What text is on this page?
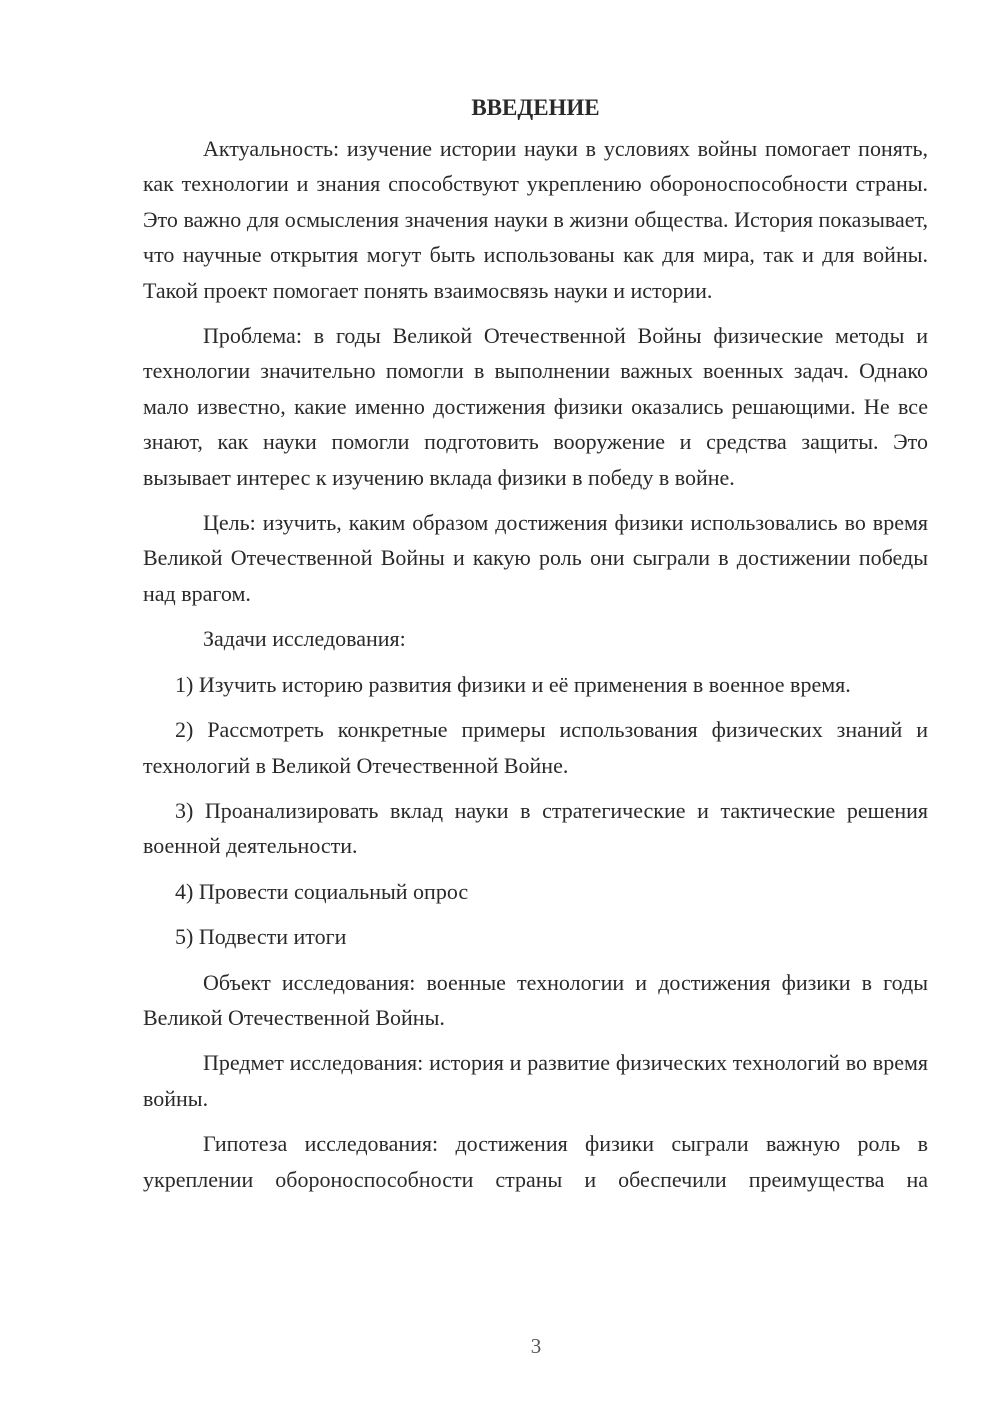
ВВЕДЕНИЕ

Актуальность: изучение истории науки в условиях войны помогает понять, как технологии и знания способствуют укреплению обороноспособности страны. Это важно для осмысления значения науки в жизни общества. История показывает, что научные открытия могут быть использованы как для мира, так и для войны. Такой проект помогает понять взаимосвязь науки и истории.

Проблема: в годы Великой Отечественной Войны физические методы и технологии значительно помогли в выполнении важных военных задач. Однако мало известно, какие именно достижения физики оказались решающими. Не все знают, как науки помогли подготовить вооружение и средства защиты. Это вызывает интерес к изучению вклада физики в победу в войне.

Цель: изучить, каким образом достижения физики использовались во время Великой Отечественной Войны и какую роль они сыграли в достижении победы над врагом.

Задачи исследования:

1) Изучить историю развития физики и её применения в военное время.

2) Рассмотреть конкретные примеры использования физических знаний и технологий в Великой Отечественной Войне.

3) Проанализировать вклад науки в стратегические и тактические решения военной деятельности.

4) Провести социальный опрос

5) Подвести итоги

Объект исследования: военные технологии и достижения физики в годы Великой Отечественной Войны.

Предмет исследования: история и развитие физических технологий во время войны.

Гипотеза исследования: достижения физики сыграли важную роль в укреплении обороноспособности страны и обеспечили преимущества на

3
